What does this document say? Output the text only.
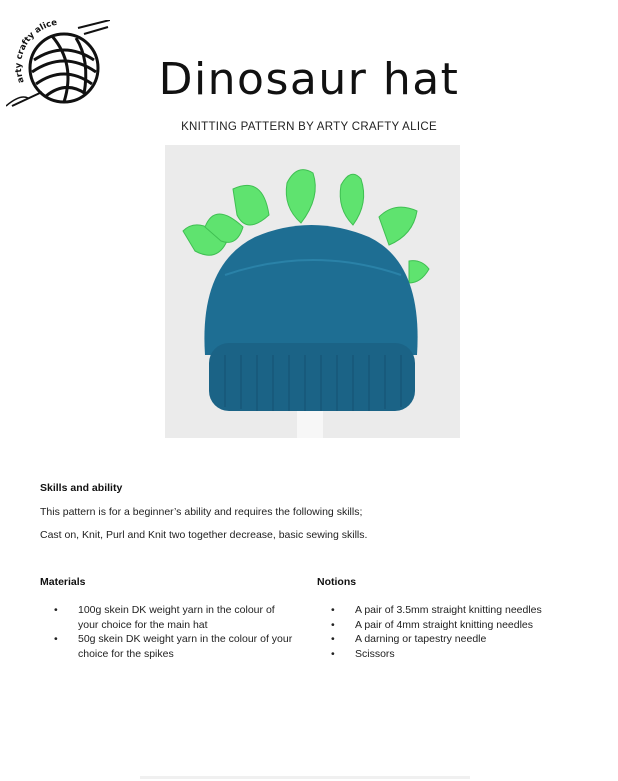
arty crafty alice
Dinosaur hat
KNITTING PATTERN BY ARTY CRAFTY ALICE
Skills and ability
This pattern is for a beginner’s ability and requires the following skills;
Cast on, Knit, Purl and Knit two together decrease, basic sewing skills.
Materials
• 100g skein DK weight yarn in the colour of
your choice for the main hat
• 50g skein DK weight yarn in the colour of your
choice for the spikes
Notions
• A pair of 3.5mm straight knitting needles
• A pair of 4mm straight knitting needles
• A darning or tapestry needle
• Scissors
